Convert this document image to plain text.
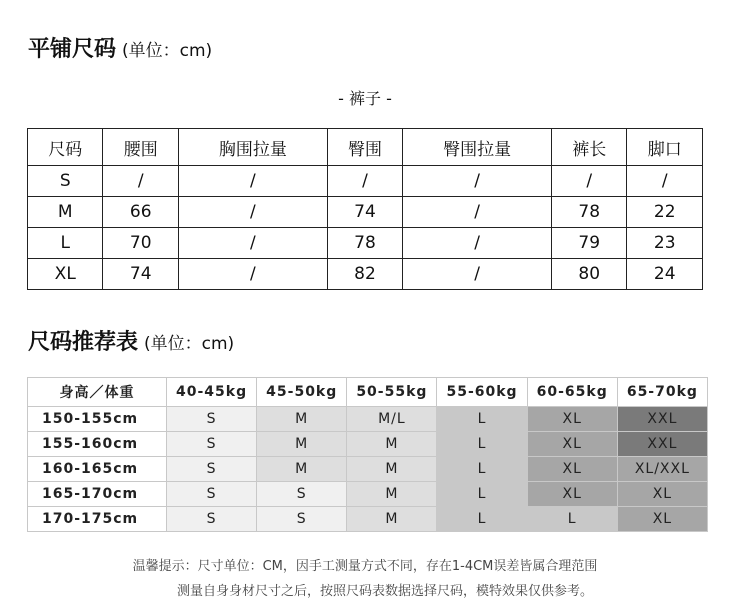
平铺尺码 (单位：cm)
- 裤子 -
尺码	腰围	胸围拉量	臀围	臀围拉量	裤长	脚口
S	/	/	/	/	/	/
M	66	/	74	/	78	22
L	70	/	78	/	79	23
XL	74	/	82	/	80	24
尺码推荐表 (单位：cm)
身高／体重	40-45kg	45-50kg	50-55kg	55-60kg	60-65kg	65-70kg
150-155cm	S	M	M/L	L	XL	XXL
155-160cm	S	M	M	L	XL	XXL
160-165cm	S	M	M	L	XL	XL/XXL
165-170cm	S	S	M	L	XL	XL
170-175cm	S	S	M	L	L	XL
温馨提示：尺寸单位：CM，因手工测量方式不同，存在1-4CM误差皆属合理范围
测量自身身材尺寸之后，按照尺码表数据选择尺码，模特效果仅供参考。
